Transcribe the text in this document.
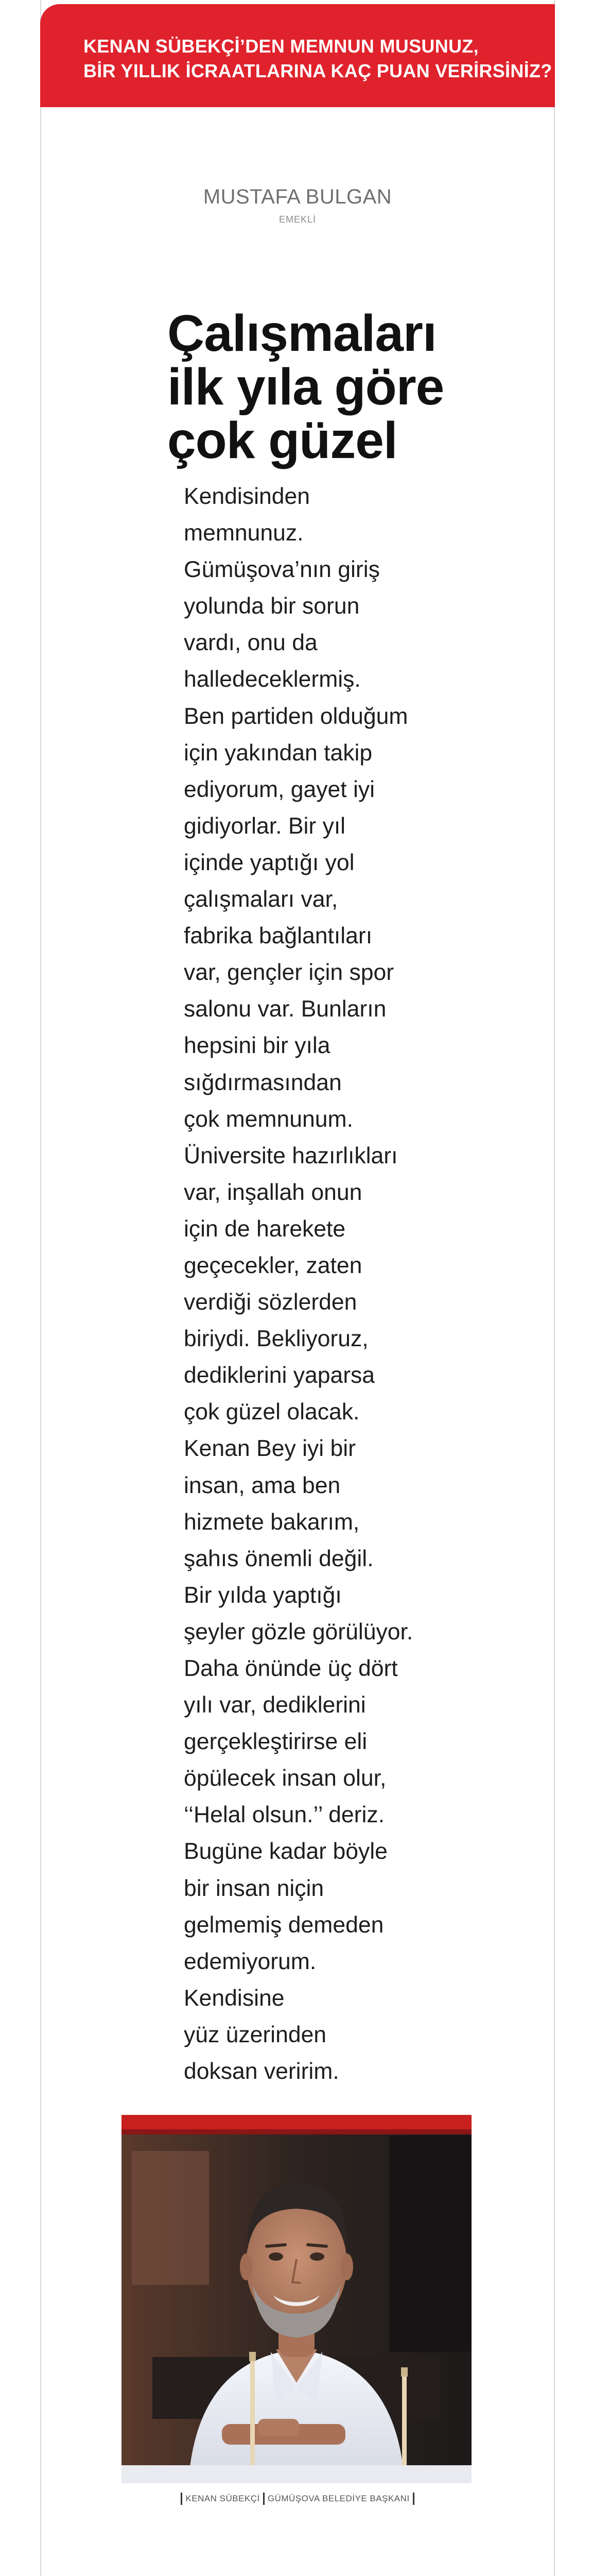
KENAN SÜBEKÇİ’DEN MEMNUN MUSUNUZ,
BİR YILLIK İCRAATLARINA KAÇ PUAN VERİRSİNİZ?
MUSTAFA BULGAN
EMEKLİ
Çalışmaları
ilk yıla göre
çok güzel
Kendisinden
memnunuz.
Gümüşova’nın giriş
yolunda bir sorun
vardı, onu da
halledeceklermiş.
Ben partiden olduğum
için yakından takip
ediyorum, gayet iyi
gidiyorlar. Bir yıl
içinde yaptığı yol
çalışmaları var,
fabrika bağlantıları
var, gençler için spor
salonu var. Bunların
hepsini bir yıla
sığdırmasından
çok memnunum.
Üniversite hazırlıkları
var, inşallah onun
için de harekete
geçecekler, zaten
verdiği sözlerden
biriydi. Bekliyoruz,
dediklerini yaparsa
çok güzel olacak.
Kenan Bey iyi bir
insan, ama ben
hizmete bakarım,
şahıs önemli değil.
Bir yılda yaptığı
şeyler gözle görülüyor.
Daha önünde üç dört
yılı var, dediklerini
gerçekleştirirse eli
öpülecek insan olur,
‘‘Helal olsun.’’ deriz.
Bugüne kadar böyle
bir insan niçin
gelmemiş demeden
edemiyorum.
Kendisine
yüz üzerinden
doksan veririm.
KENAN SÜBEKÇİ GÜMÜŞOVA BELEDİYE BAŞKANI
